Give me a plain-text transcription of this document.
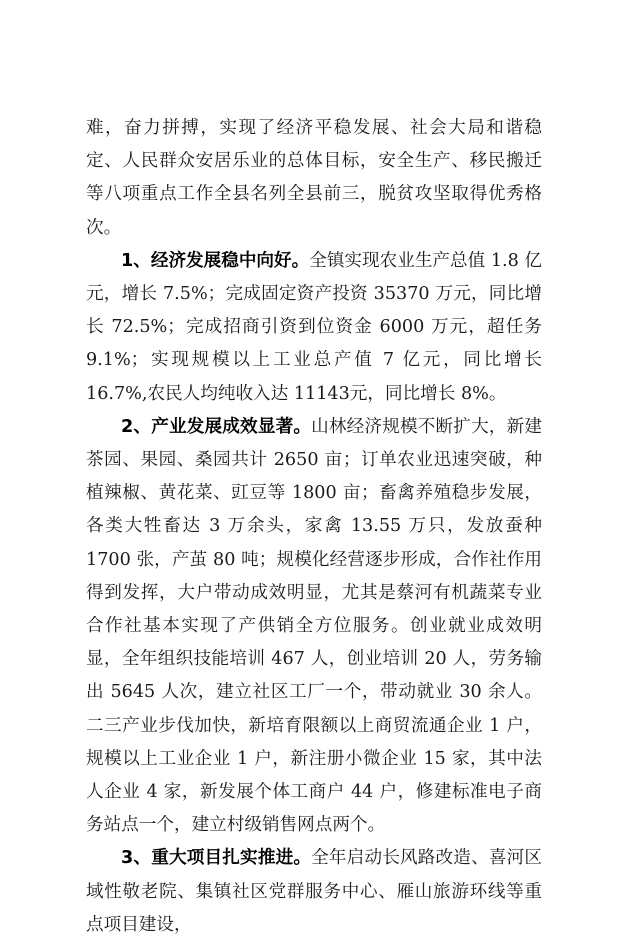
难，奋力拼搏，实现了经济平稳发展、社会大局和谐稳定、人民群众安居乐业的总体目标，安全生产、移民搬迁等八项重点工作全县名列全县前三，脱贫攻坚取得优秀格次。

1、经济发展稳中向好。全镇实现农业生产总值 1.8 亿元，增长 7.5%；完成固定资产投资 35370 万元，同比增长 72.5%；完成招商引资到位资金 6000 万元，超任务 9.1%；实现规模以上工业总产值 7 亿元，同比增长 16.7%,农民人均纯收入达 11143元，同比增长 8%。

2、产业发展成效显著。山林经济规模不断扩大，新建茶园、果园、桑园共计 2650 亩；订单农业迅速突破，种植辣椒、黄花菜、豇豆等 1800 亩；畜禽养殖稳步发展，各类大牲畜达 3 万余头，家禽 13.55 万只，发放蚕种 1700 张，产茧 80 吨；规模化经营逐步形成，合作社作用得到发挥，大户带动成效明显，尤其是蔡河有机蔬菜专业合作社基本实现了产供销全方位服务。创业就业成效明显，全年组织技能培训 467 人，创业培训 20 人，劳务输出 5645 人次，建立社区工厂一个，带动就业 30 余人。二三产业步伐加快，新培育限额以上商贸流通企业 1 户，规模以上工业企业 1 户，新注册小微企业 15 家，其中法人企业 4 家，新发展个体工商户 44 户，修建标准电子商务站点一个，建立村级销售网点两个。

3、重大项目扎实推进。全年启动长风路改造、喜河区域性敬老院、集镇社区党群服务中心、雁山旅游环线等重点项目建设，
